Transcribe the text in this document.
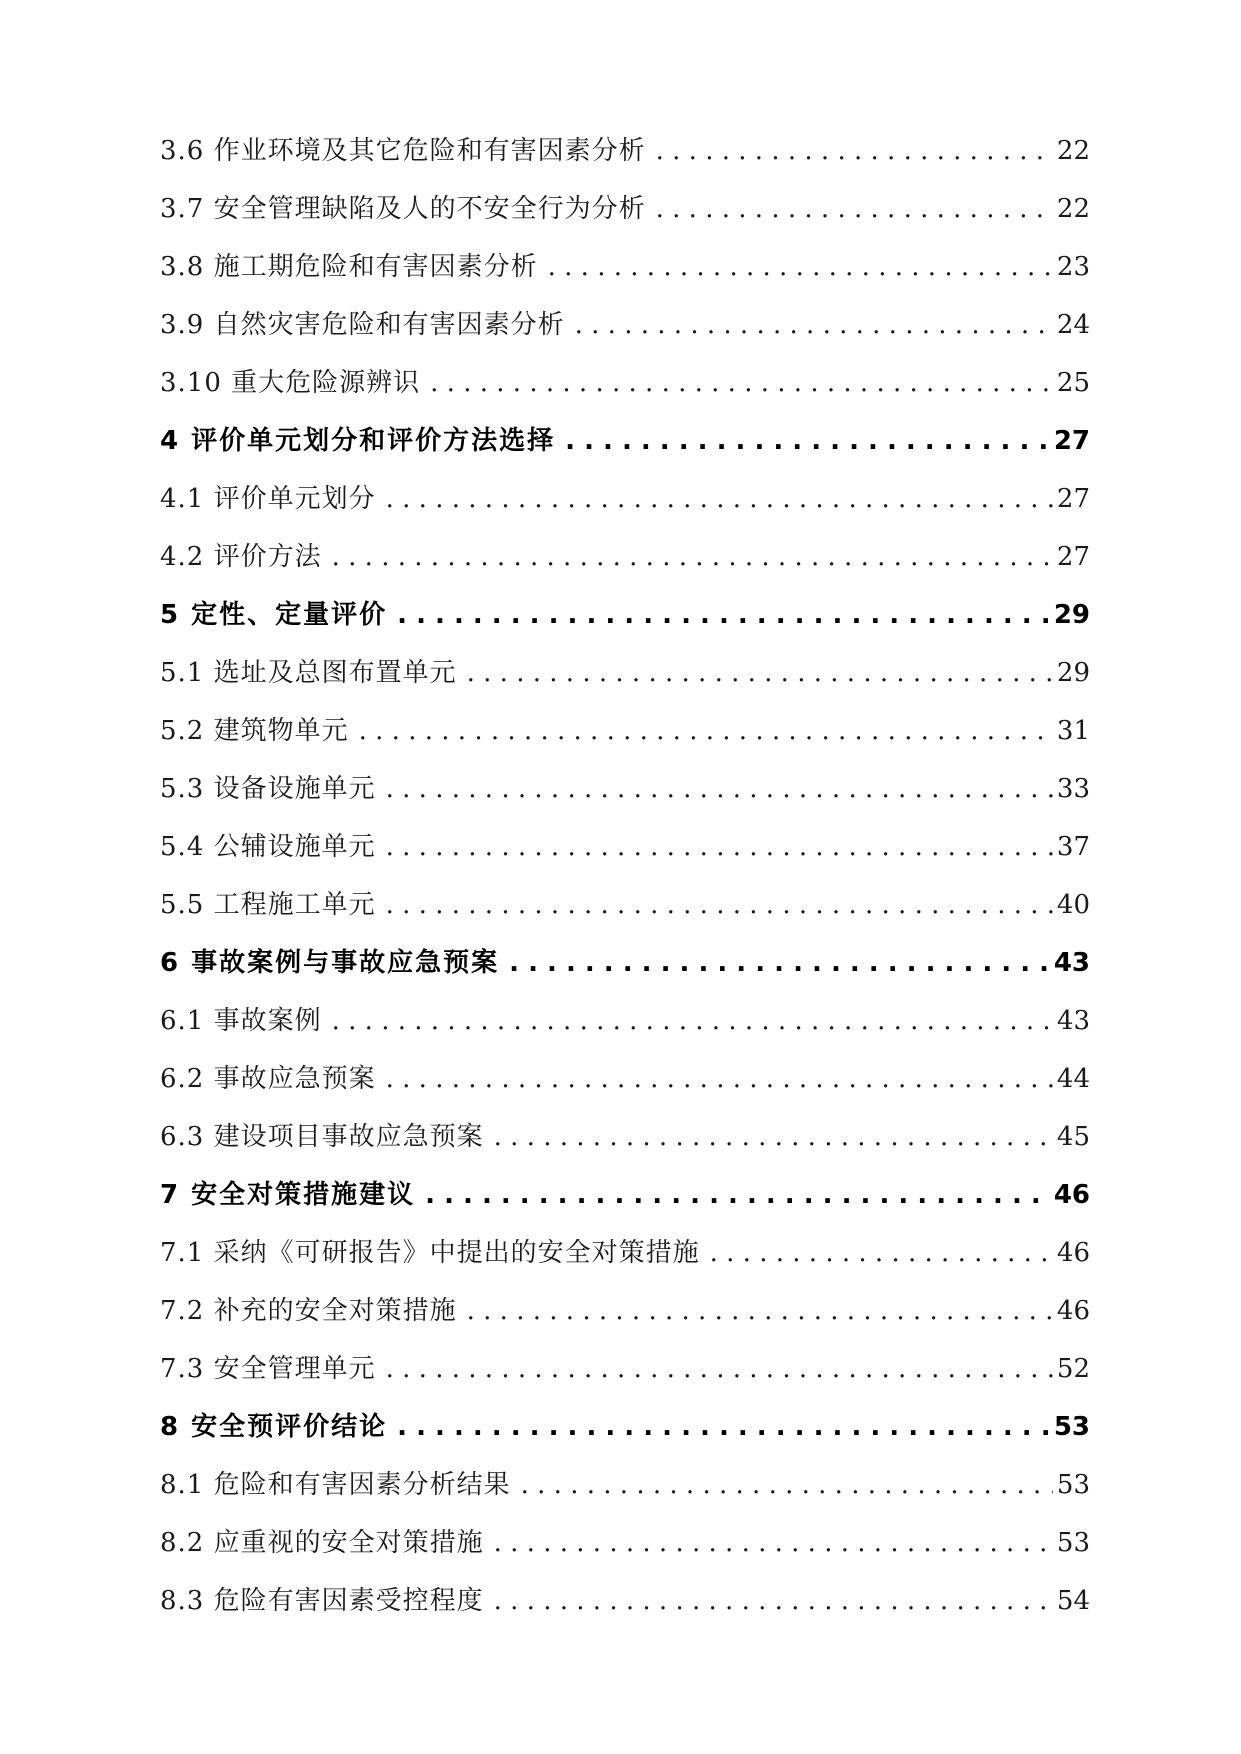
3.6 作业环境及其它危险和有害因素分析 . . .	22
3.7 安全管理缺陷及人的不安全行为分析 . . .	22
3.8 施工期危险和有害因素分析 . . .	23
3.9 自然灾害危险和有害因素分析 . . .	24
3.10 重大危险源辨识 . . .	25
4 评价单元划分和评价方法选择 . . .	27
4.1 评价单元划分 . . .	27
4.2 评价方法 . . .	27
5 定性、定量评价 . . .	29
5.1 选址及总图布置单元 . . .	29
5.2 建筑物单元 . . .	31
5.3 设备设施单元 . . .	33
5.4 公辅设施单元 . . .	37
5.5 工程施工单元 . . .	40
6 事故案例与事故应急预案 . . .	43
6.1 事故案例 . . .	43
6.2 事故应急预案 . . .	44
6.3 建设项目事故应急预案 . . .	45
7 安全对策措施建议 . . .	46
7.1 采纳《可研报告》中提出的安全对策措施 . . .	46
7.2 补充的安全对策措施 . . .	46
7.3 安全管理单元 . . .	52
8 安全预评价结论 . . .	53
8.1 危险和有害因素分析结果 . . .	53
8.2 应重视的安全对策措施 . . .	53
8.3 危险有害因素受控程度 . . .	54
